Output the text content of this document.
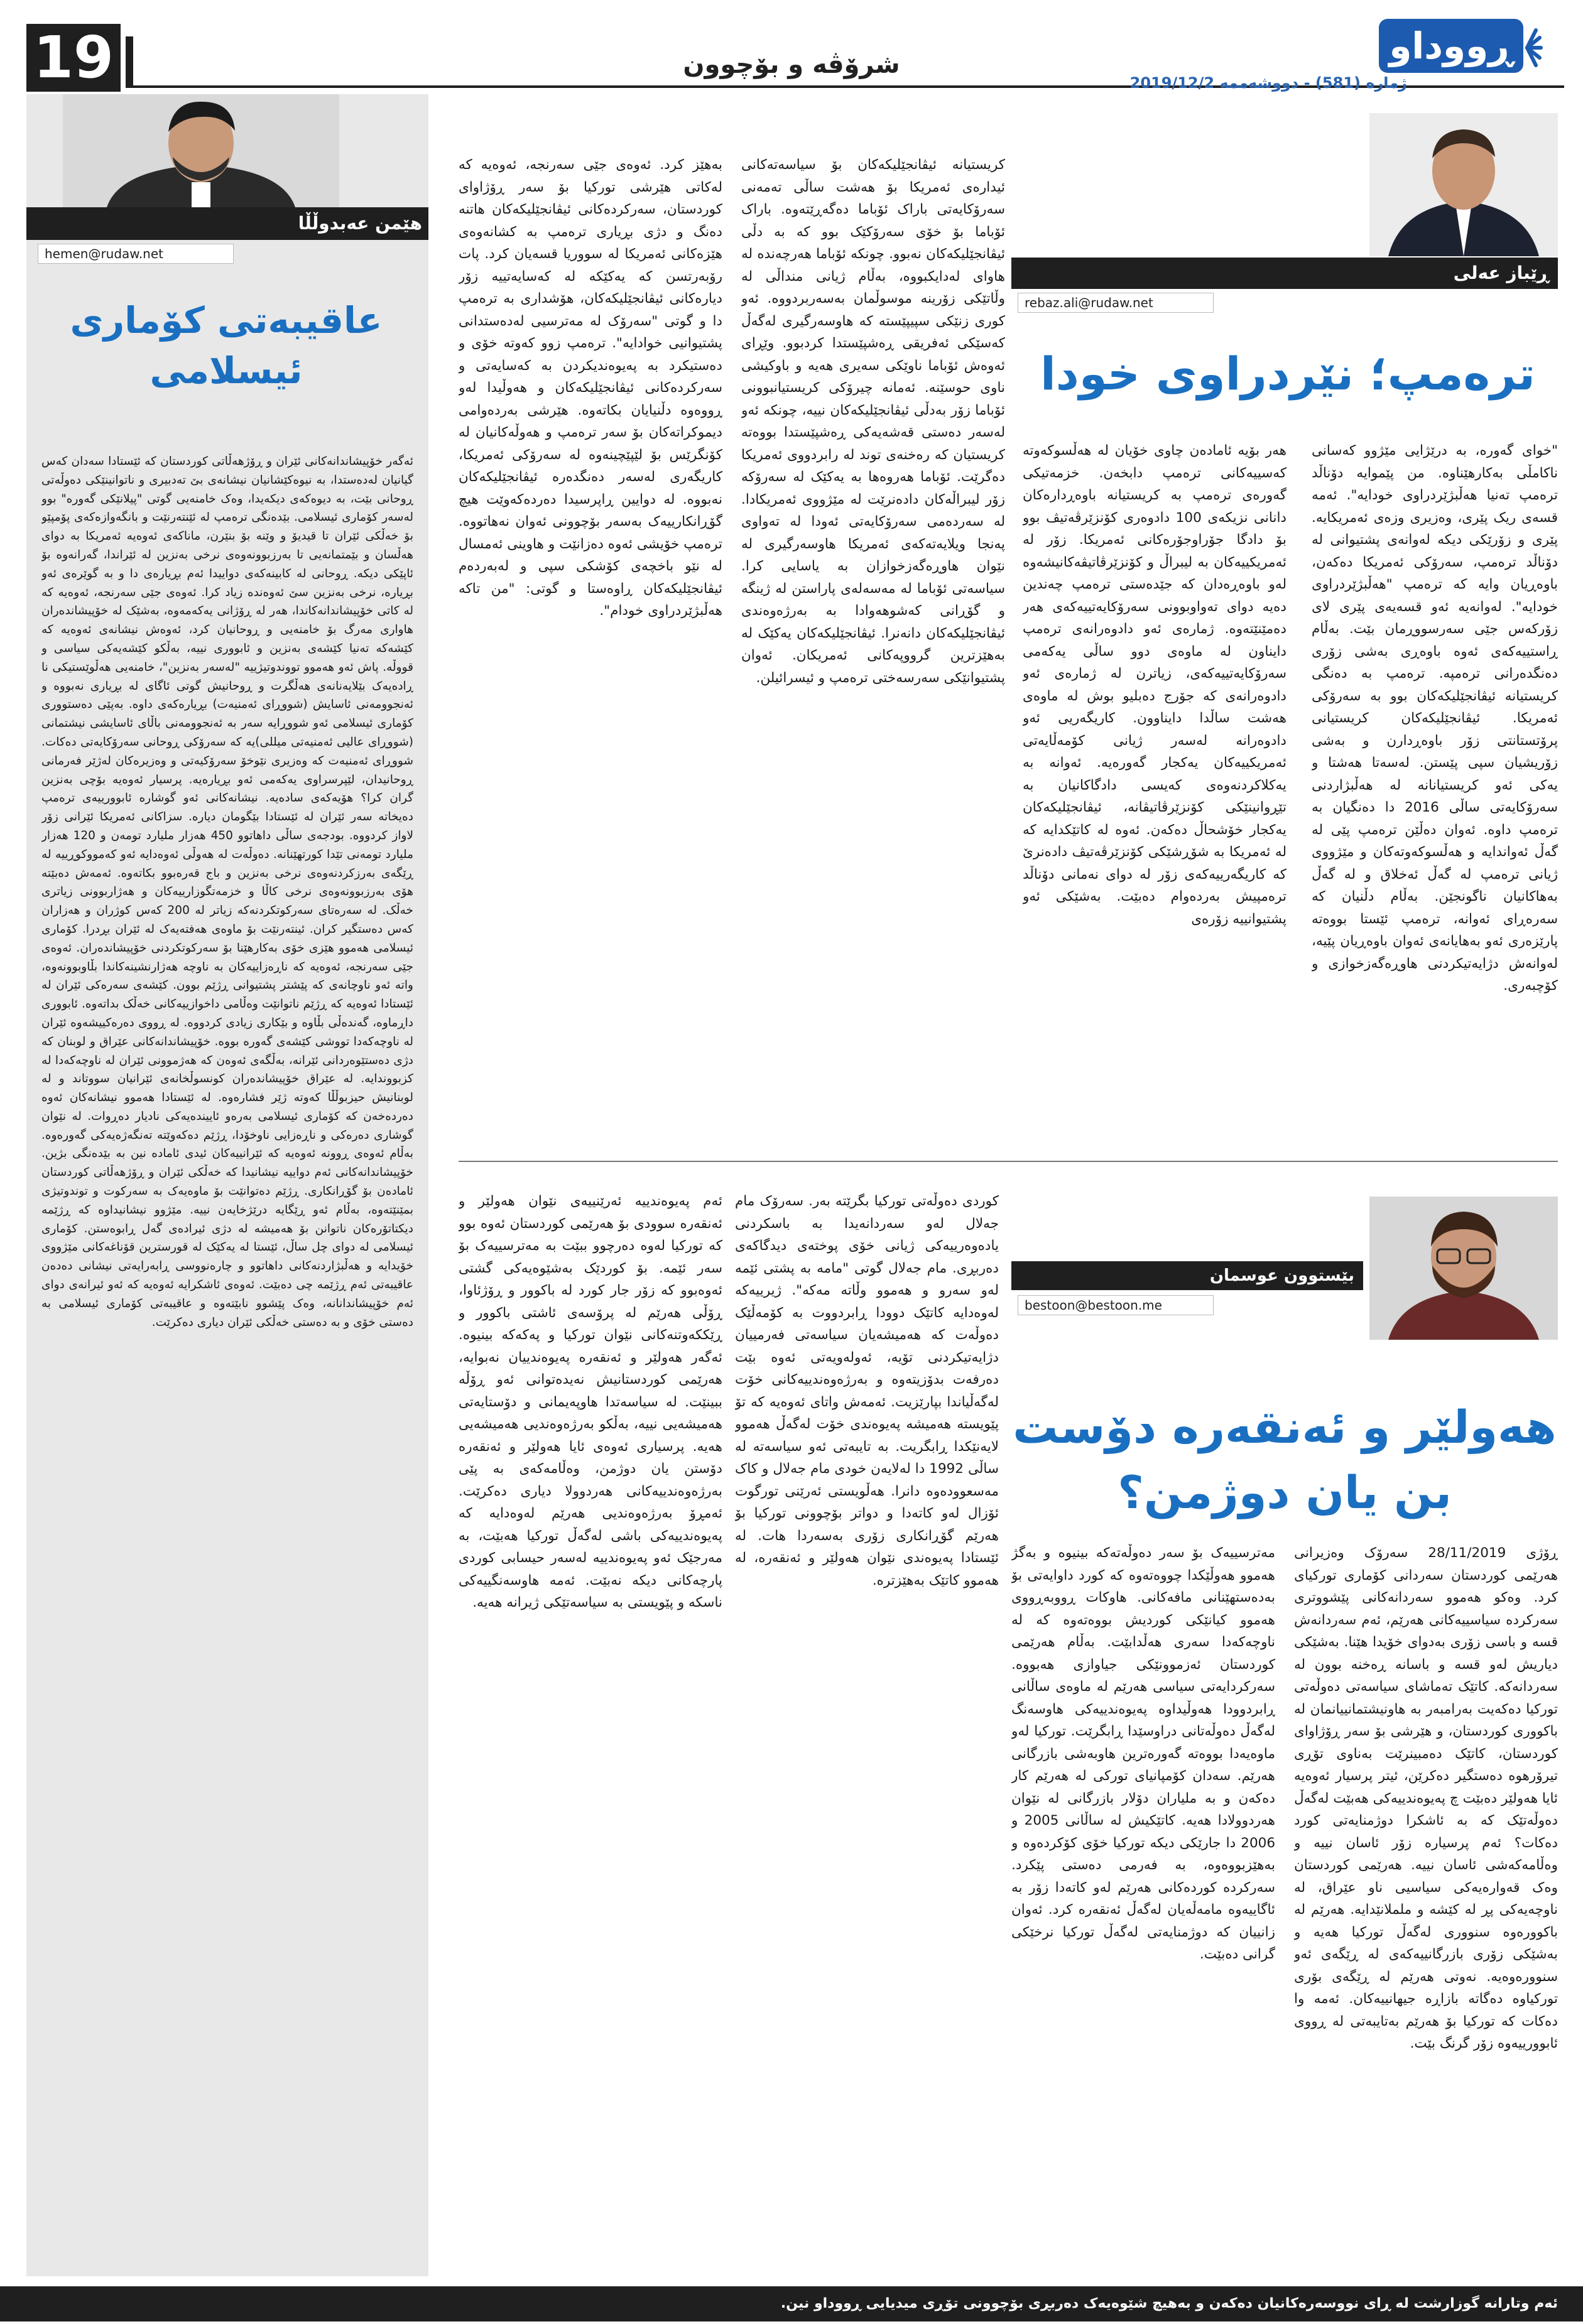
19	شرۆڤە و بۆچوون
ژمارە (581) - دووشەممە 2019/12/2
ڕووداو
هێمن عەبدوڵڵا
hemen@rudaw.net
عاقیبەتی کۆماری
ئیسلامی

ئەگەر خۆپیشاندانەکانی ئێران و ڕۆژهەڵاتی کوردستان کە ئێستادا سەدان کەس گیانیان لەدەستدا، بە نیوەکێشانیان نیشانەی بێ تەدبیری و ناتوانینێکی دەوڵەتی ڕوحانی بێت، بە دیوەکەی دیکەیدا، وەک خامنەیی گوتی "پیلانێکی گەورە" بوو لەسەر کۆماری ئیسلامی. بێدەنگی ترەمپ لە ئێنتەرنێت و بانگەوازەکەی پۆمپێو بۆ خەڵکی ئێران تا قیدیۆ و وێنە بۆ بنێرن، ماناکەی ئەوەیە ئەمریکا بە دوای هەڵسان و بێمتمانەیی تا بەرزبوونەوەی نرخی بەنزین لە ئێراندا، گەرانەوە بۆ ئاپێکی دیکە. ڕوحانی لە کابینەکەی دواییدا ئەم بڕیارەی دا و بە گوێرەی ئەو بڕیارە، نرخی بەنزین سێ ئەوەندە زیاد کرا. ئەوەی جێی سەرنجە، ئەوەیە کە لە کاتی خۆپیشاندانەکاندا، هەر لە ڕۆژانی یەکەمەوە، بەشێک لە خۆپیشاندەران هاواری مەرگ بۆ خامنەیی و ڕوحانیان کرد، ئەوەش نیشانەی ئەوەیە کە کێشەکە تەنیا کێشەی بەنزین و ئابووری نییە، بەڵکو کێشەیەکی سیاسی و قووڵە. پاش ئەو هەموو تووندوتیژییە "لەسەر بەنزین"، خامنەیی هەڵوێستیکی نا ڕادەیەک بێلایەنانەی هەڵگرت و ڕوحانیش گوتی ئاگای لە بڕیاری نەبووە و ئەنجوومەنی ئاسایش (شووڕای ئەمنیەت) بڕیارەکەی داوە. بەپێی دەستووری کۆماری ئیسلامی ئەو شووڕایە سەر بە ئەنجوومەنی باڵای ئاسایشی نیشتمانی (شووڕای عالیی ئەمنیەتی میللی)یە کە سەرۆکی ڕوحانی سەرۆکایەتی دەکات. شووڕای ئەمنیەت کە وەزیری نێوخۆ سەرۆکیەتی و وەزیرەکان لەژێر فەرمانی ڕوحانیدان، لێپرسراوی یەکەمی ئەو بڕیارەیە. پرسیار ئەوەیە بۆچی بەنزین گران کرا؟ هۆیەکەی سادەیە. نیشانەکانی ئەو گوشارە ئابوورییەی ترەمپ دەیخاتە سەر ئێران لە ئێستادا بێگومان دیارە. سزاکانی ئەمریکا ئێرانی زۆر لاواز کردووە. بودجەی ساڵی داهاتوو 450 هەزار ملیارد تومەن و 120 هەزار ملیارد تومەنی تێدا کورتهێنانە. دەوڵەت لە هەوڵی ئەوەدایە ئەو کەمووکوڕییە لە ڕێگەی بەرزکردنەوەی نرخی بەنزین و باج قەرەبوو بکاتەوە. ئەمەش دەبێتە هۆی بەرزبوونەوەی نرخی کاڵا و خزمەتگوزارییەکان و هەژاربوونی زیاتری خەڵک. لە سەرەتای سەرکوتکردنەکە زیاتر لە 200 کەس کوژران و هەزاران کەس دەستگیر کران. ئینتەرنێت بۆ ماوەی هەفتەیەک لە ئێران بڕدرا. کۆماری ئیسلامی هەموو هێزی خۆی بەکارهێنا بۆ سەرکوتکردنی خۆپیشاندەران. ئەوەی جێی سەرنجە، ئەوەیە کە ناڕەزاییەکان بە ناوچە هەژارنشینەکاندا بڵاوبوونەوە، واتە ئەو ناوچانەی کە پێشتر پشتیوانی ڕژێم بوون. کێشەی سەرەکی ئێران لە ئێستادا ئەوەیە کە ڕژێم ناتوانێت وەڵامی داخوازییەکانی خەڵک بداتەوە. ئابووری داڕماوە، گەندەڵی بڵاوە و بێکاری زیادی کردووە. لە ڕووی دەرەکییشەوە ئێران لە ناوچەکەدا تووشی کێشەی گەورە بووە. خۆپیشاندانەکانی عێراق و لوبنان کە دژی دەستێوەردانی ئێرانە، بەڵگەی ئەوەن کە هەژموونی ئێران لە ناوچەکەدا لە کزبووندایە. لە عێراق خۆپیشاندەران کونسوڵخانەی ئێرانیان سووتاند و لە لوبنانیش حیزبوڵڵا کەوتە ژێر فشارەوە. لە ئێستادا هەموو نیشانەکان ئەوە دەردەخەن کە کۆماری ئیسلامی بەرەو ئاییندەیەکی نادیار دەڕوات. لە نێوان گوشاری دەرەکی و ناڕەزایی ناوخۆدا، ڕژێم دەکەوێتە تەنگەژەیەکی گەورەوە. بەڵام ئەوەی ڕوونە ئەوەیە کە ئێرانییەکان ئیدی ئامادە نین بە بێدەنگی بژین. خۆپیشاندانەکانی ئەم دواییە نیشانیدا کە خەڵکی ئێران و ڕۆژهەڵاتی کوردستان ئامادەن بۆ گۆڕانکاری. ڕژێم دەتوانێت بۆ ماوەیەک بە سەرکوت و توندوتیژی بمێنێتەوە، بەڵام ئەو ڕێگایە درێژخایەن نییە. مێژوو نیشانیداوە کە ڕژێمە دیکتاتۆرەکان ناتوانن بۆ هەمیشە لە دژی ئیرادەی گەل ڕابوەستن. کۆماری ئیسلامی لە دوای چل ساڵ، ئێستا لە یەکێک لە قورسترین قۆناغەکانی مێژووی خۆیدایە و هەڵبژاردنەکانی داهاتوو و چارەنووسی ڕابەرایەتی نیشانی دەدەن عاقیبەتی ئەم ڕژێمە چی دەبێت. ئەوەی ئاشکرایە ئەوەیە کە ئەو ئیرانەی دوای ئەم خۆپیشاندانانە، وەک پێشوو نابێتەوە و عاقیبەتی کۆماری ئیسلامی بە دەستی خۆی و بە دەستی خەڵکی ئێران دیاری دەکرێت.

ڕێباز عەلی
rebaz.ali@rudaw.net
ترەمپ؛ نێردراوی خودا

"خوای گەورە، بە درێژایی مێژوو کەسانی ناکامڵی بەکارهێناوە. من پێموایە دۆناڵد ترەمپ تەنیا هەڵبژێردراوی خودایە". ئەمە قسەی ریک پێری، وەزیری وزەی ئەمریکایە. پێری و زۆرێکی دیکە لەوانەی پشتیوانی لە دۆناڵد ترەمپ، سەرۆکی ئەمریکا دەکەن، باوەڕیان وایە کە ترەمپ "هەڵبژێردراوی خودایە". لەوانەیە ئەو قسەیەی پێری لای زۆرکەس جێی سەرسووڕمان بێت. بەڵام ڕاستییەکەی ئەوە باوەڕی بەشی زۆری دەنگدەرانی ترەمپە. ترەمپ بە دەنگی کریستیانە ئیڤانجێلیکەکان بوو بە سەرۆکی ئەمریکا. ئیڤانجێلیکەکان کریستیانی پرۆتستانتی زۆر باوەڕدارن و بەشی زۆریشیان سپی پێستن. لەسەتا هەشتا و یەکی ئەو کریستیانانە لە هەڵبژاردنی سەرۆکایەتی ساڵی 2016 دا دەنگیان بە ترەمپ داوە. ئەوان دەڵێن ترەمپ پێی لە گەڵ ئەواندایە و هەڵسوکەوتەکان و مێژووی ژیانی ترەمپ لە گەڵ ئەخلاق و لە گەڵ بەهاکانیان ناگونجێن. بەڵام دڵنیان کە سەرەڕای ئەوانە، ترەمپ ئێستا بووەتە پارێزەری ئەو بەهایانەی ئەوان باوەڕیان پێیە، لەوانەش دژایەتیکردنی هاوڕەگەزخوازی و کۆچبەری.

هەر بۆیە ئامادەن چاوی خۆیان لە هەڵسوکەوتە کەسییەکانی ترەمپ دابخەن. خزمەتیکی گەورەی ترەمپ بە کریستیانە باوەڕدارەکان دانانی نزیکەی 100 دادوەری کۆنزێرڤەتیڤ بوو بۆ دادگا جۆراوجۆرەکانی ئەمریکا. زۆر لە ئەمریکییەکان بە لیبراڵ و کۆنزێرڤاتیڤەکانیشەوە لەو باوەڕەدان کە جێدەستی ترەمپ چەندین دەیە دوای تەواوبوونی سەرۆکایەتییەکەی هەر دەمێنێتەوە. ژمارەی ئەو دادوەرانەی ترەمپ دایناون لە ماوەی دوو ساڵی یەکەمی سەرۆکایەتییەکەی، زیاترن لە ژمارەی ئەو دادوەرانەی کە جۆرج دەبلیو بوش لە ماوەی هەشت ساڵدا دایناوون. کاریگەریی ئەو دادوەرانە لەسەر ژیانی کۆمەڵایەتی ئەمریکییەکان یەکجار گەورەیە. ئەوانە بە یەکلاکردنەوەی کەیسی دادگاکانیان بە تێڕوانینێکی کۆنزێرڤاتیڤانە، ئیڤانجێلیکەکان یەکجار خۆشحاڵ دەکەن. ئەوە لە کاتێکدایە کە لە ئەمریکا بە شۆڕشێکی کۆنزێرڤەتیڤ دادەنرێ کە کاریگەرییەکەی زۆر لە دوای نەمانی دۆناڵد ترەمپیش بەردەوام دەبێت. بەشێکی ئەو پشتیوانییە زۆرەی

کریستیانە ئیڤانجێلیکەکان بۆ سیاسەتەکانی ئیدارەی ئەمریکا بۆ هەشت ساڵی تەمەنی سەرۆکایەتی باراک ئۆباما دەگەڕێتەوە. باراک ئۆباما بۆ خۆی سەرۆکێک بوو کە بە دڵی ئیڤانجێلیکەکان نەبوو. چونکە ئۆباما هەرچەندە لە هاوای لەدایکبووە، بەڵام ژیانی منداڵی لە وڵاتێکی زۆرینە موسوڵمان بەسەربردووە. ئەو کوری زنێکی سپیپێستە کە هاوسەرگیری لەگەڵ کەسێکی ئەفریقی ڕەشپێستدا کردبوو. وێڕای ئەوەش ئۆباما ناوێکی سەیری هەیە و باوکیشی ناوی حوسێنە. ئەمانە چیرۆکی کریستیانبوونی ئۆباما زۆر بەدڵی ئیڤانجێلیکەکان نییە، چونکە ئەو لەسەر دەستی قەشەیەکی ڕەشپێستدا بووەتە کریستیان کە رەخنەی توند لە رابردووی ئەمریکا دەگرێت. ئۆباما هەروەها بە یەکێک لە سەرۆکە زۆر لیبراڵەکان دادەنرێت لە مێژووی ئەمریکادا. لە سەردەمی سەرۆکایەتی ئەودا لە تەواوی پەنجا ویلایەتەکەی ئەمریکا هاوسەرگیری لە نێوان هاوڕەگەزخوازان بە یاسایی کرا. سیاسەتی ئۆباما لە مەسەلەی پاراستن لە ژینگە و گۆڕانی کەشوهەوادا بە بەرژەوەندی ئیڤانجێلیکەکان دانەنرا. ئیڤانجێلیکەکان یەکێک لە بەهێزترین گرووپەکانی ئەمریکان. ئەوان پشتیوانێکی سەرسەختی ترەمپ و ئیسرائیلن.

بەهێز کرد. ئەوەی جێی سەرنجە، ئەوەیە کە لەکاتی هێرشی تورکیا بۆ سەر ڕۆژاوای کوردستان، سەرکردەکانی ئیڤانجێلیکەکان هاتنە دەنگ و دژی بڕیاری ترەمپ بە کشانەوەی هێزەکانی ئەمریکا لە سووریا قسەیان کرد. پات رۆبەرتسن کە یەکێکە لە کەسایەتییە زۆر دیارەکانی ئیڤانجێلیکەکان، هۆشداری بە ترەمپ دا و گوتی "سەرۆک لە مەترسیی لەدەستدانی پشتیوانیی خوادایە". ترەمپ زوو کەوتە خۆی و دەستیکرد بە پەیوەندیکردن بە کەسایەتی و سەرکردەکانی ئیڤانجێلیکەکان و هەوڵیدا لەو ڕووەوە دڵنیایان بکاتەوە. هێرشی بەردەوامی دیموکراتەکان بۆ سەر ترەمپ و هەوڵەکانیان لە کۆنگرێس بۆ لێپێچینەوە لە سەرۆکی ئەمریکا، کاریگەری لەسەر دەنگدەرە ئیڤانجێلیکەکان نەبووە. لە دوایین ڕاپرسیدا دەردەکەوێت هیچ گۆڕانکارییەک بەسەر بۆچوونی ئەوان نەهاتووە. ترەمپ خۆیشی ئەوە دەزانێت و هاوینی ئەمسال لە نێو باخچەی کۆشکی سپی و لەبەردەم ئیڤانجێلیکەکان ڕاوەستا و گوتی: "من تاکە هەڵبژێردراوی خودام".

بێستوون عوسمان
bestoon@bestoon.me
هەولێر و ئەنقەرە دۆست
بن یان دوژمن؟

ڕۆژی 28/11/2019 سەرۆک وەزیرانی هەرێمی کوردستان سەردانی کۆماری تورکیای کرد. وەکو هەموو سەردانەکانی پێشووتری سەرکردە سیاسییەکانی هەرێم، ئەم سەردانەش قسە و باسی زۆری بەدوای خۆیدا هێنا. بەشێکی دیاریش لەو قسە و باسانە ڕەخنە بوون لە سەردانەکە. کاتێک تەماشای سیاسەتی دەوڵەتی تورکیا دەکەیت بەرامبەر بە هاونیشتمانییانمان لە باکووری کوردستان، و هێرشی بۆ سەر ڕۆژاوای کوردستان، کاتێک دەمبینرێت بەناوی تۆڕی تیرۆرهوە دەستگیر دەکرێن، ئیتر پرسیار ئەوەیە ئایا هەولێر دەبێت چ پەیوەندییەکی هەبێت لەگەڵ دەوڵەتێک کە بە ئاشکرا دوژمنایەتی کورد دەکات؟ ئەم پرسیارە زۆر ئاسان نییە و وەڵامەکەشی ئاسان نییە. هەرێمی کوردستان وەک قەوارەیەکی سیاسیی ناو عێراق، لە ناوچەیەکی پڕ لە کێشە و ململانێدایە. هەرێم لە باکوورەوە سنووری لەگەڵ تورکیا هەیە و بەشێکی زۆری بازرگانییەکەی لە ڕێگەی ئەو سنوورەوەیە. نەوتی هەرێم لە ڕێگەی بۆری تورکیاوە دەگاتە بازاڕە جیهانییەکان. ئەمە وا دەکات کە تورکیا بۆ هەرێم بەتایبەتی لە ڕووی ئابوورییەوە زۆر گرنگ بێت.

مەترسییەک بۆ سەر دەوڵەتەکە بینیوە و بەگژ هەموو هەوڵێکدا چووەتەوە کە کورد داوایەتی بۆ بەدەستهێنانی مافەکانی. هاوکات ڕووبەڕووی هەموو کیانێکی کوردیش بووەتەوە کە لە ناوچەکەدا سەری هەڵدابێت. بەڵام هەرێمی کوردستان ئەزموونێکی جیاوازی هەبووە. سەرکردایەتی سیاسی هەرێم لە ماوەی ساڵانی ڕابردوودا هەوڵیداوە پەیوەندییەکی هاوسەنگ لەگەڵ دەوڵەتانی دراوسێدا ڕابگرێت. تورکیا لەو ماوەیەدا بووەتە گەورەترین هاوبەشی بازرگانی هەرێم. سەدان کۆمپانیای تورکی لە هەرێم کار دەکەن و بە ملیاران دۆلار بازرگانی لە نێوان هەردوولادا هەیە. کاتێکیش لە ساڵانی 2005 و 2006 دا جارێکی دیکە تورکیا خۆی کۆکردەوە و بەهێزبووەوە، بە فەرمی دەستی پێکرد. سەرکردە کوردەکانی هەرێم لەو کاتەدا زۆر بە ئاگاییەوە مامەڵەیان لەگەڵ ئەنقەرە کرد. ئەوان زانییان کە دوژمنایەتی لەگەڵ تورکیا نرخێکی گرانی دەبێت.

کوردی دەوڵەتی تورکیا بگرێتە بەر. سەرۆک مام جەلال لەو سەردانەیدا بە باسکردنی یادەوەرییەکی ژیانی خۆی پوختەی دیدگاکەی دەربڕی. مام جەلال گوتی "مامە بە پشتی ئێمە لەو سەرو و هەموو وڵاتە مەکە". ژیرییەکە لەوەدایە کاتێک دوودا ڕابردووت بە کۆمەڵێک دەوڵەت کە هەمیشەیان سیاسەتی فەرمییان دژایەتیکردنی تۆیە، ئەولەویەتی ئەوە بێت دەرفەت بدۆزیتەوە و بەرژەوەندییەکانی خۆت لەگەڵیاندا بپارێزیت. ئەمەش واتای ئەوەیە کە تۆ پێویستە هەمیشە پەیوەندی خۆت لەگەڵ هەموو لایەنێکدا ڕابگریت. بە تایبەتی ئەو سیاسەتە لە ساڵی 1992 دا لەلایەن خودی مام جەلال و کاک مەسعوودەوە دانرا. هەڵویستی ئەرێنی تورگوت ئۆزال لەو کاتەدا و دواتر بۆچوونی تورکیا بۆ هەرێم گۆڕانکاری زۆری بەسەردا هات. لە ئێستادا پەیوەندی نێوان هەولێر و ئەنقەرە، لە هەموو کاتێک بەهێزترە.

ئەم پەیوەندییە ئەرێنییەی نێوان هەولێر و ئەنقەرە سوودی بۆ هەرێمی کوردستان ئەوە بوو کە تورکیا لەوە دەرچوو ببێت بە مەترسییەک بۆ سەر ئێمە. بۆ کوردێک بەشێوەیەکی گشتی ئەوەبوو کە زۆر جار کورد لە باکوور و ڕۆژئاوا، ڕۆڵی هەرێم لە پرۆسەی ئاشتی باکوور و ڕێککەوتنەکانی نێوان تورکیا و پەکەکە بینیوە. ئەگەر هەولێر و ئەنقەرە پەیوەندییان نەبوایە، هەرێمی کوردستانیش نەیدەتوانی ئەو ڕۆڵە ببینێت. لە سیاسەتدا هاوپەیمانی و دۆستایەتی هەمیشەیی نییە، بەڵکو بەرژەوەندیی هەمیشەیی هەیە. پرسیاری ئەوەی ئایا هەولێر و ئەنقەرە دۆستن یان دوژمن، وەڵامەکەی بە پێی بەرژەوەندییەکانی هەردوولا دیاری دەکرێت. ئەمڕۆ بەرژەوەندیی هەرێم لەوەدایە کە پەیوەندییەکی باشی لەگەڵ تورکیا هەبێت، بە مەرجێک ئەو پەیوەندییە لەسەر حیسابی کوردی پارچەکانی دیکە نەبێت. ئەمە هاوسەنگییەکی ناسکە و پێویستی بە سیاسەتێکی ژیرانە هەیە.

ئەم وتارانە گوزارشت لە ڕای نووسەرەکانیان دەکەن و بەهیچ شێوەیەک دەربڕی بۆچوونی تۆڕی میدیایی ڕووداو نین.
